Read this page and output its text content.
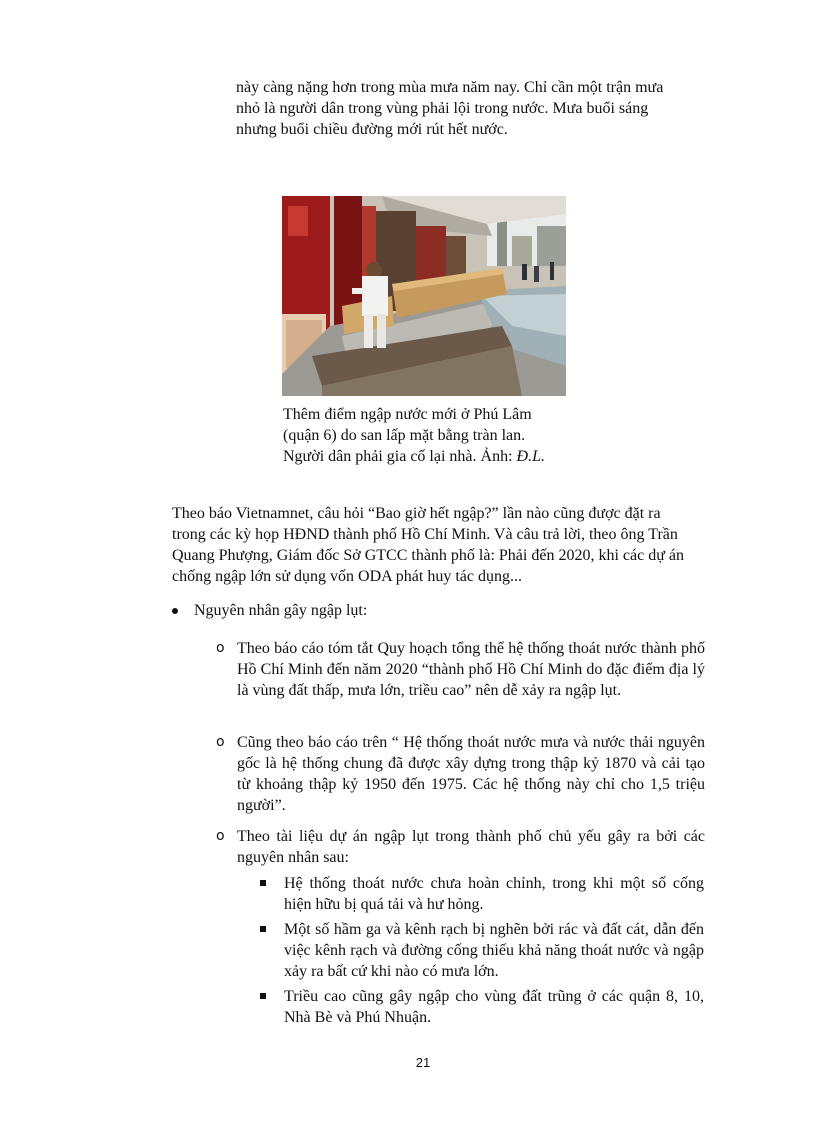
này càng nặng hơn trong mùa mưa năm nay. Chỉ cần một trận mưa
nhỏ là người dân trong vùng phải lội trong nước. Mưa buổi sáng
nhưng buổi chiều đường mới rút hết nước.
Thêm điểm ngập nước mới ở Phú Lâm
(quận 6) do san lấp mặt bằng tràn lan.
Người dân phải gia cố lại nhà. Ảnh: Đ.L.
Theo báo Vietnamnet, câu hỏi “Bao giờ hết ngập?” lần nào cũng được đặt ra
trong các kỳ họp HĐND thành phố Hồ Chí Minh. Và câu trả lời, theo ông Trần
Quang Phượng, Giám đốc Sở GTCC thành phố là: Phải đến 2020, khi các dự án
chống ngập lớn sử dụng vốn ODA phát huy tác dụng...
Nguyên nhân gây ngập lụt:
o Theo báo cáo tóm tắt Quy hoạch tổng thể hệ thống thoát nước thành phố Hồ Chí Minh đến năm 2020 “thành phố Hồ Chí Minh do đặc điểm địa lý là vùng đất thấp, mưa lớn, triều cao” nên dễ xảy ra ngập lụt.
o Cũng theo báo cáo trên “ Hệ thống thoát nước mưa và nước thải nguyên gốc là hệ thống chung đã được xây dựng trong thập kỷ 1870 và cải tạo từ khoảng thập kỷ 1950 đến 1975. Các hệ thống này chỉ cho 1,5 triệu người”.
o Theo tài liệu dự án ngập lụt trong thành phố chủ yếu gây ra bởi các nguyên nhân sau:
Hệ thống thoát nước chưa hoàn chỉnh, trong khi một số cống hiện hữu bị quá tải và hư hỏng.
Một số hầm ga và kênh rạch bị nghẽn bởi rác và đất cát, dẫn đến việc kênh rạch và đường cống thiếu khả năng thoát nước và ngập xảy ra bất cứ khi nào có mưa lớn.
Triều cao cũng gây ngập cho vùng đất trũng ở các quận 8, 10, Nhà Bè và Phú Nhuận.
21
